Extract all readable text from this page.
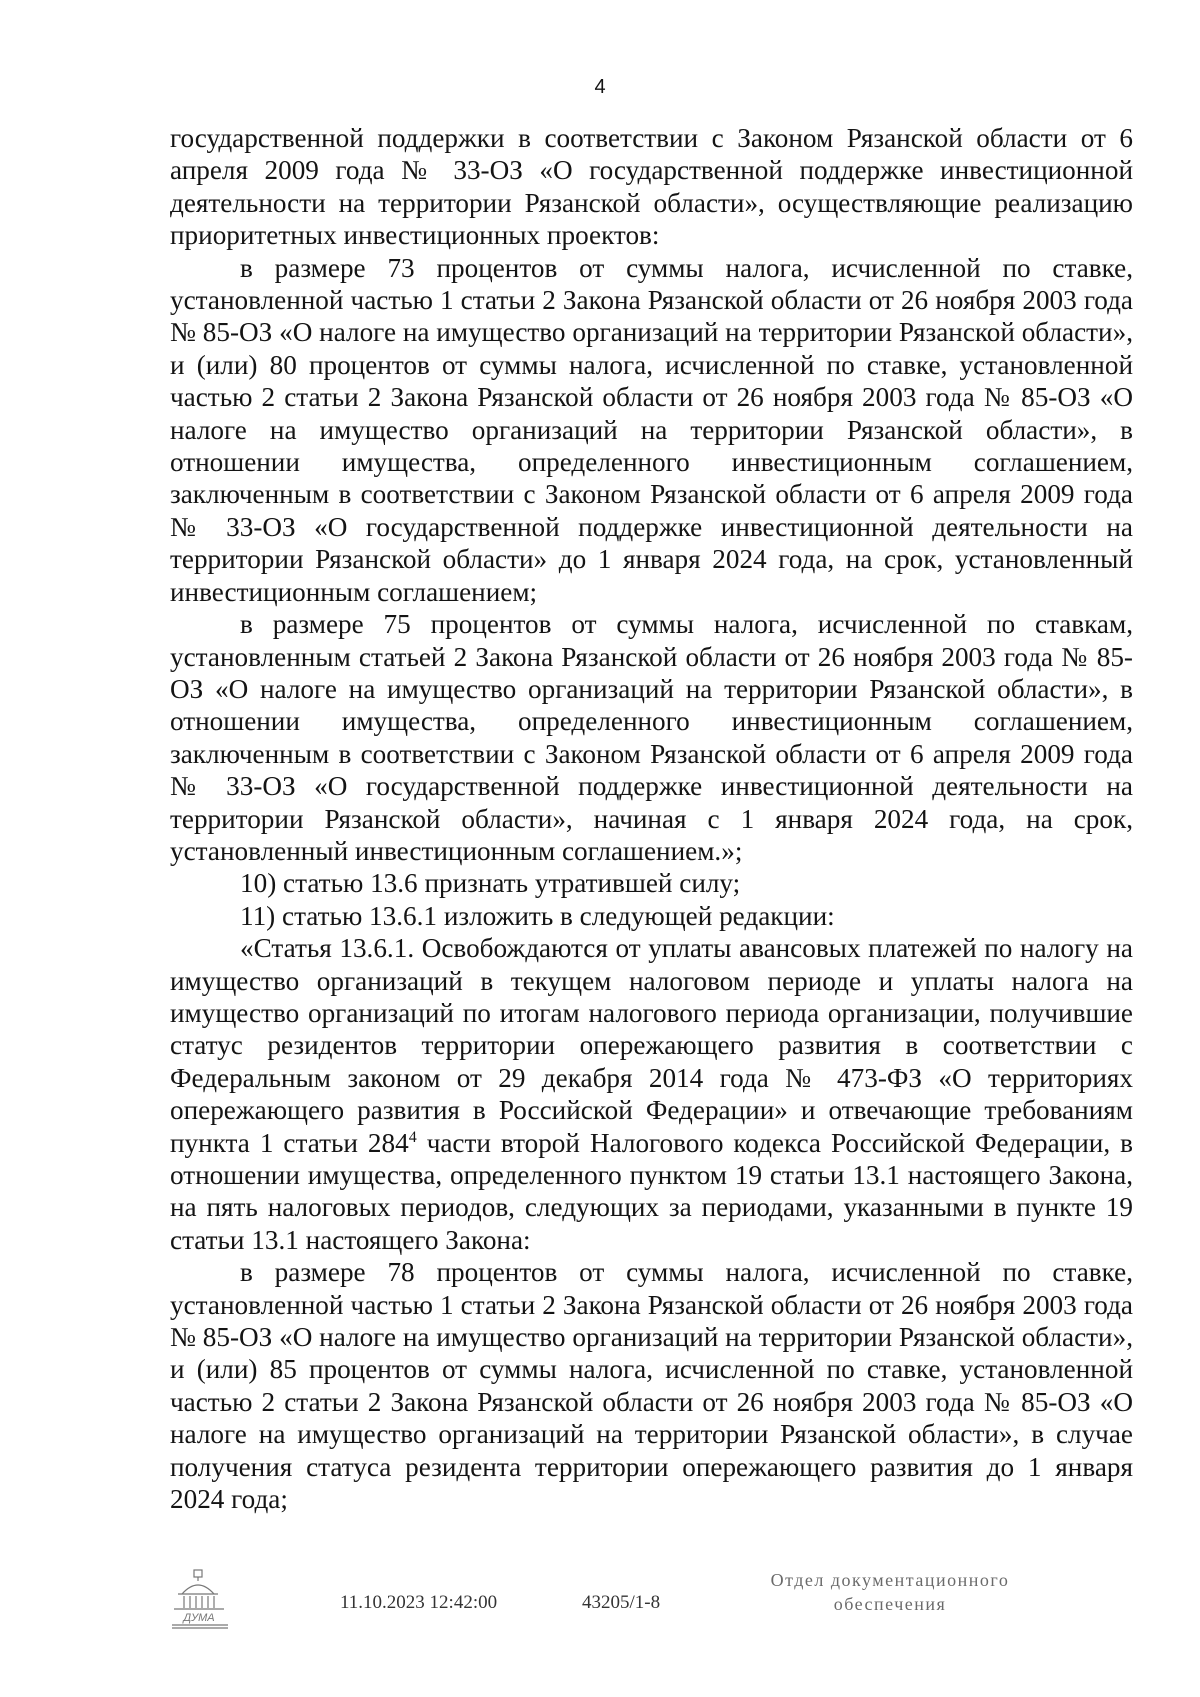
4

государственной поддержки в соответствии с Законом Рязанской области от 6 апреля 2009 года № 33-ОЗ «О государственной поддержке инвестиционной деятельности на территории Рязанской области», осуществляющие реализацию приоритетных инвестиционных проектов:

в размере 73 процентов от суммы налога, исчисленной по ставке, установленной частью 1 статьи 2 Закона Рязанской области от 26 ноября 2003 года № 85-ОЗ «О налоге на имущество организаций на территории Рязанской области», и (или) 80 процентов от суммы налога, исчисленной по ставке, установленной частью 2 статьи 2 Закона Рязанской области от 26 ноября 2003 года № 85-ОЗ «О налоге на имущество организаций на территории Рязанской области», в отношении имущества, определенного инвестиционным соглашением, заключенным в соответствии с Законом Рязанской области от 6 апреля 2009 года № 33-ОЗ «О государственной поддержке инвестиционной деятельности на территории Рязанской области» до 1 января 2024 года, на срок, установленный инвестиционным соглашением;

в размере 75 процентов от суммы налога, исчисленной по ставкам, установленным статьей 2 Закона Рязанской области от 26 ноября 2003 года № 85-ОЗ «О налоге на имущество организаций на территории Рязанской области», в отношении имущества, определенного инвестиционным соглашением, заключенным в соответствии с Законом Рязанской области от 6 апреля 2009 года № 33-ОЗ «О государственной поддержке инвестиционной деятельности на территории Рязанской области», начиная с 1 января 2024 года, на срок, установленный инвестиционным соглашением.»;

10) статью 13.6 признать утратившей силу;

11) статью 13.6.1 изложить в следующей редакции:

«Статья 13.6.1. Освобождаются от уплаты авансовых платежей по налогу на имущество организаций в текущем налоговом периоде и уплаты налога на имущество организаций по итогам налогового периода организации, получившие статус резидентов территории опережающего развития в соответствии с Федеральным законом от 29 декабря 2014 года № 473-ФЗ «О территориях опережающего развития в Российской Федерации» и отвечающие требованиям пункта 1 статьи $284^4$ части второй Налогового кодекса Российской Федерации, в отношении имущества, определенного пунктом 19 статьи 13.1 настоящего Закона, на пять налоговых периодов, следующих за периодами, указанными в пункте 19 статьи 13.1 настоящего Закона:

в размере 78 процентов от суммы налога, исчисленной по ставке, установленной частью 1 статьи 2 Закона Рязанской области от 26 ноября 2003 года № 85-ОЗ «О налоге на имущество организаций на территории Рязанской области», и (или) 85 процентов от суммы налога, исчисленной по ставке, установленной частью 2 статьи 2 Закона Рязанской области от 26 ноября 2003 года № 85-ОЗ «О налоге на имущество организаций на территории Рязанской области», в случае получения статуса резидента территории опережающего развития до 1 января 2024 года;

ДУМА
11.10.2023 12:42:00	43205/1-8
Отдел документационного
обеспечения
